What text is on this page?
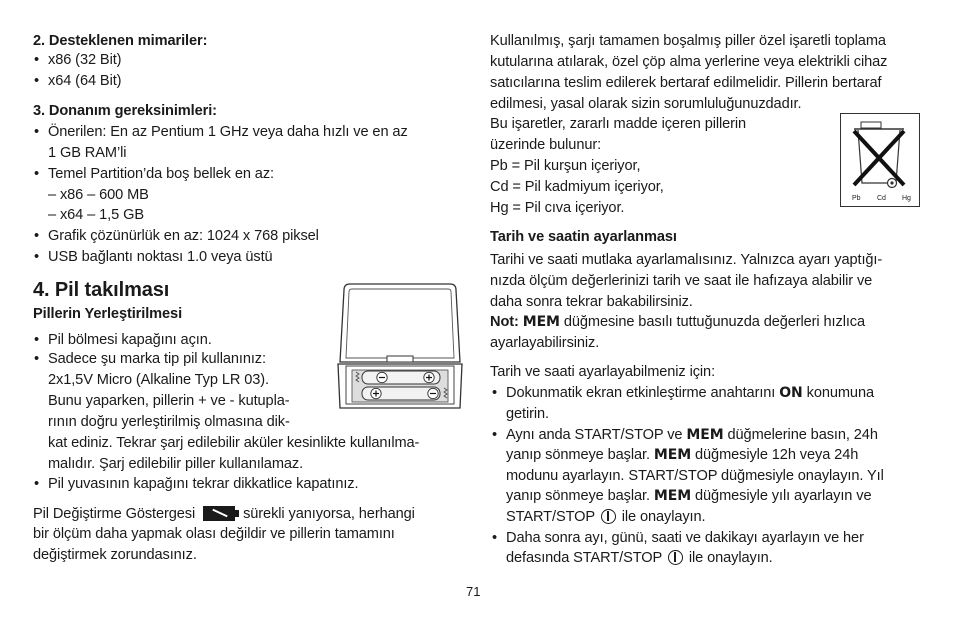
2. Desteklenen mimariler:
• x86 (32 Bit)
• x64 (64 Bit)
3. Donanım gereksinimleri:
• Önerilen: En az Pentium 1 GHz veya daha hızlı ve en az
1 GB RAM’li
• Temel Partition’da boş bellek en az:
– x86 – 600 MB
– x64 – 1,5 GB
• Grafik çözünürlük en az: 1024 x 768 piksel
• USB bağlantı noktası 1.0 veya üstü
4. Pil takılması
Pillerin Yerleştirilmesi
• Pil bölmesi kapağını açın.
• Sadece şu marka tip pil kullanınız:
2x1,5V Micro (Alkaline Typ LR 03).
Bunu yaparken, pillerin + ve - kutupla-
rının doğru yerleştirilmiş olmasına dik-
kat ediniz. Tekrar şarj edilebilir aküler kesinlikte kullanılma-
malıdır. Şarj edilebilir piller kullanılamaz.
• Pil yuvasının kapağını tekrar dikkatlice kapatınız.
Pil Değiştirme Göstergesi	sürekli yanıyorsa, herhangi
bir ölçüm daha yapmak olası değildir ve pillerin tamamını
değiştirmek zorundasınız.
Kullanılmış, şarjı tamamen boşalmış piller özel işaretli toplama
kutularına atılarak, özel çöp alma yerlerine veya elektrikli cihaz
satıcılarına teslim edilerek bertaraf edilmelidir. Pillerin bertaraf
edilmesi, yasal olarak sizin sorumluluğunuzdadır.
Bu işaretler, zararlı madde içeren pillerin
üzerinde bulunur:
Pb = Pil kurşun içeriyor,
Cd = Pil kadmiyum içeriyor,
Hg = Pil cıva içeriyor.
Pb Cd Hg
Tarih ve saatin ayarlanması
Tarihi ve saati mutlaka ayarlamalısınız. Yalnızca ayarı yaptığı-
nızda ölçüm değerlerinizi tarih ve saat ile hafızaya alabilir ve
daha sonra tekrar bakabilirsiniz.
Not: MEM düğmesine basılı tuttuğunuzda değerleri hızlıca
ayarlayabilirsiniz.
Tarih ve saati ayarlayabilmeniz için:
• Dokunmatik ekran etkinleştirme anahtarını ON konumuna
getirin.
• Aynı anda START/STOP ve MEM düğmelerine basın, 24h
yanıp sönmeye başlar. MEM düğmesiyle 12h veya 24h
modunu ayarlayın. START/STOP düğmesiyle onaylayın. Yıl
yanıp sönmeye başlar. MEM düğmesiyle yılı ayarlayın ve
START/STOP ile onaylayın.
• Daha sonra ayı, günü, saati ve dakikayı ayarlayın ve her
defasında START/STOP ile onaylayın.
71
